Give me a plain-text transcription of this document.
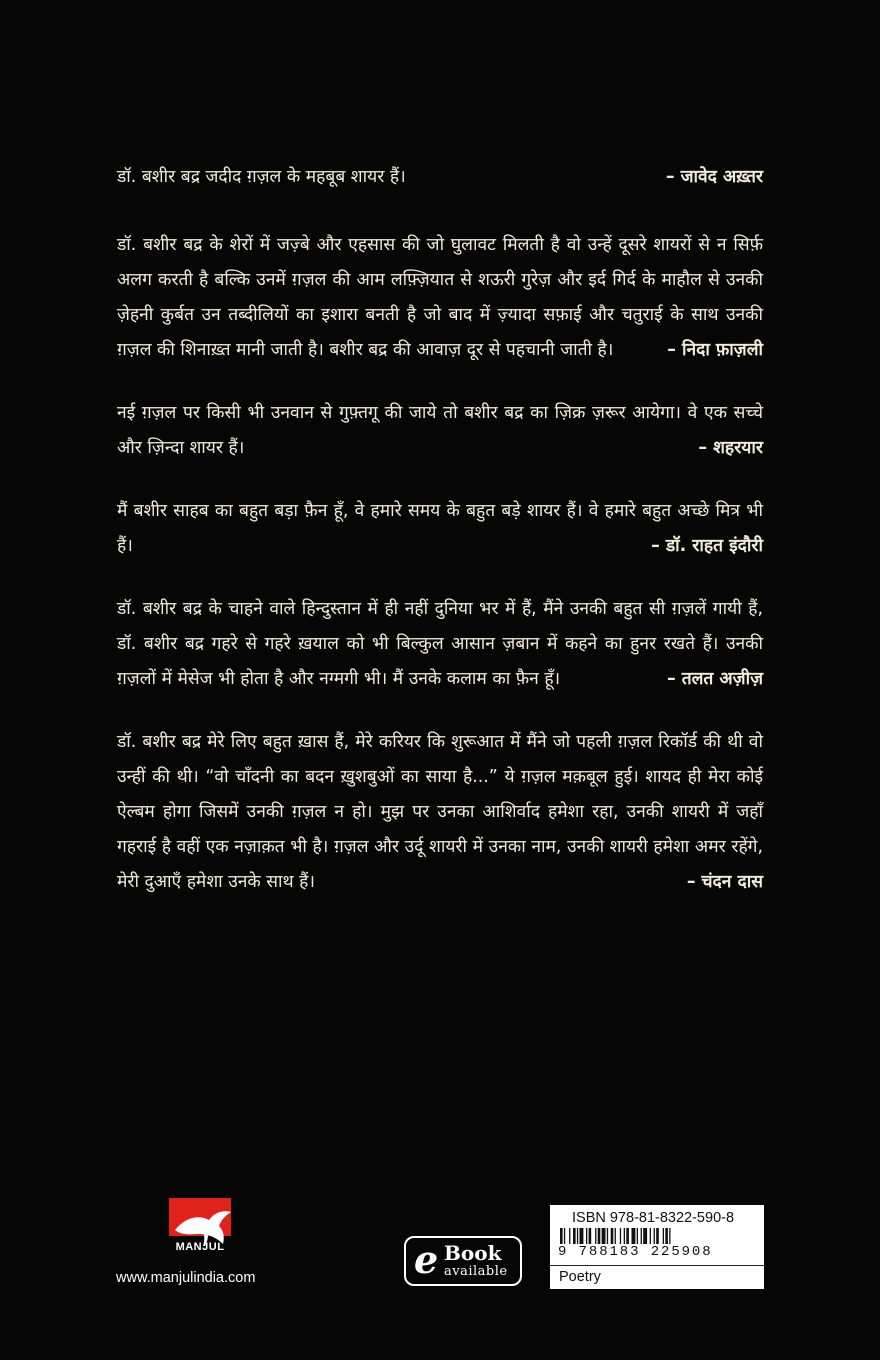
डॉ. बशीर बद्र जदीद ग़ज़ल के महबूब शायर हैं।	– जावेद अख़्तर

डॉ. बशीर बद्र के शेरों में जज़्बे और एहसास की जो घुलावट मिलती है वो उन्हें दूसरे शायरों से न सिर्फ़ अलग करती है बल्कि उनमें ग़ज़ल की आम लफ़्ज़ियात से शऊरी गुरेज़ और इर्द गिर्द के माहौल से उनकी ज़ेहनी कुर्बत उन तब्दीलियों का इशारा बनती है जो बाद में ज़्यादा सफ़ाई और चतुराई के साथ उनकी ग़ज़ल की शिनाख़्त मानी जाती है। बशीर बद्र की आवाज़ दूर से पहचानी जाती है।	– निदा फ़ाज़ली

नई ग़ज़ल पर किसी भी उनवान से गुफ़्तगू की जाये तो बशीर बद्र का ज़िक्र ज़रूर आयेगा। वे एक सच्चे और ज़िन्दा शायर हैं।	– शहरयार

मैं बशीर साहब का बहुत बड़ा फ़ैन हूँ, वे हमारे समय के बहुत बड़े शायर हैं। वे हमारे बहुत अच्छे मित्र भी हैं।	– डॉ. राहत इंदौरी

डॉ. बशीर बद्र के चाहने वाले हिन्दुस्तान में ही नहीं दुनिया भर में हैं, मैंने उनकी बहुत सी ग़ज़लें गायी हैं, डॉ. बशीर बद्र गहरे से गहरे ख़याल को भी बिल्कुल आसान ज़बान में कहने का हुनर रखते हैं। उनकी ग़ज़लों में मेसेज भी होता है और नग्मगी भी। मैं उनके कलाम का फ़ैन हूँ।	– तलत अज़ीज़

डॉ. बशीर बद्र मेरे लिए बहुत ख़ास हैं, मेरे करियर कि शुरूआत में मैंने जो पहली ग़ज़ल रिकॉर्ड की थी वो उन्हीं की थी। “वो चाँदनी का बदन ख़ुशबुओं का साया है...” ये ग़ज़ल मक़बूल हुई। शायद ही मेरा कोई ऐल्बम होगा जिसमें उनकी ग़ज़ल न हो। मुझ पर उनका आशिर्वाद हमेशा रहा, उनकी शायरी में जहाँ गहराई है वहीं एक नज़ाक़त भी है। ग़ज़ल और उर्दू शायरी में उनका नाम, उनकी शायरी हमेशा अमर रहेंगे, मेरी दुआएँ हमेशा उनके साथ हैं।	– चंदन दास

MANJUL
www.manjulindia.com	e Book
available
ISBN 978-81-8322-590-8
9 788183 225908
Poetry
